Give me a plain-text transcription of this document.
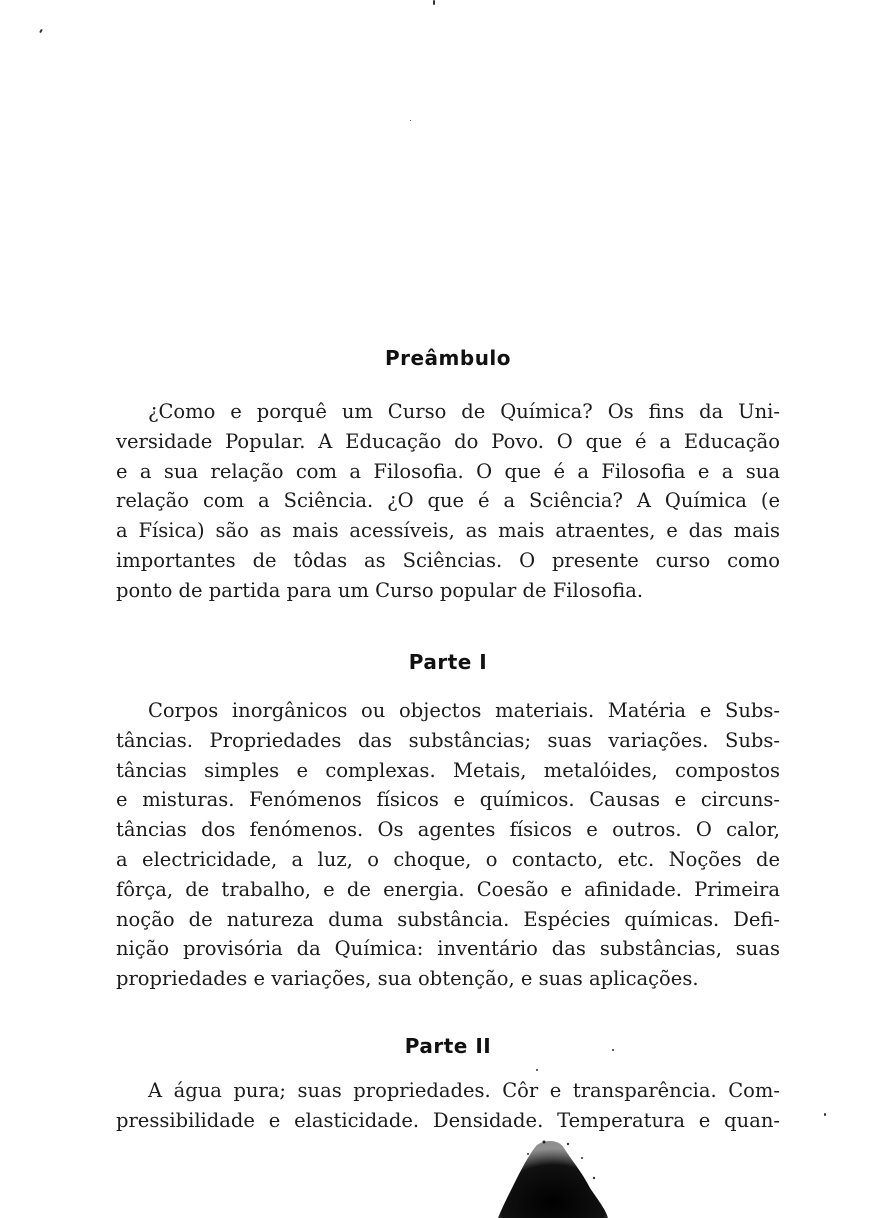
Preâmbulo

¿Como e porquê um Curso de Química? Os fins da Uni-
versidade Popular. A Educação do Povo. O que é a Educação
e a sua relação com a Filosofia. O que é a Filosofia e a sua
relação com a Sciência. ¿O que é a Sciência? A Química (e
a Física) são as mais acessíveis, as mais atraentes, e das mais
importantes de tôdas as Sciências. O presente curso como
ponto de partida para um Curso popular de Filosofia.

Parte I

Corpos inorgânicos ou objectos materiais. Matéria e Subs-
tâncias. Propriedades das substâncias; suas variações. Subs-
tâncias simples e complexas. Metais, metalóides, compostos
e misturas. Fenómenos físicos e químicos. Causas e circuns-
tâncias dos fenómenos. Os agentes físicos e outros. O calor,
a electricidade, a luz, o choque, o contacto, etc. Noções de
fôrça, de trabalho, e de energia. Coesão e afinidade. Primeira
noção de natureza duma substância. Espécies químicas. Defi-
nição provisória da Química: inventário das substâncias, suas
propriedades e variações, sua obtenção, e suas aplicações.

Parte II

A água pura; suas propriedades. Côr e transparência. Com-
pressibilidade e elasticidade. Densidade. Temperatura e quan-
